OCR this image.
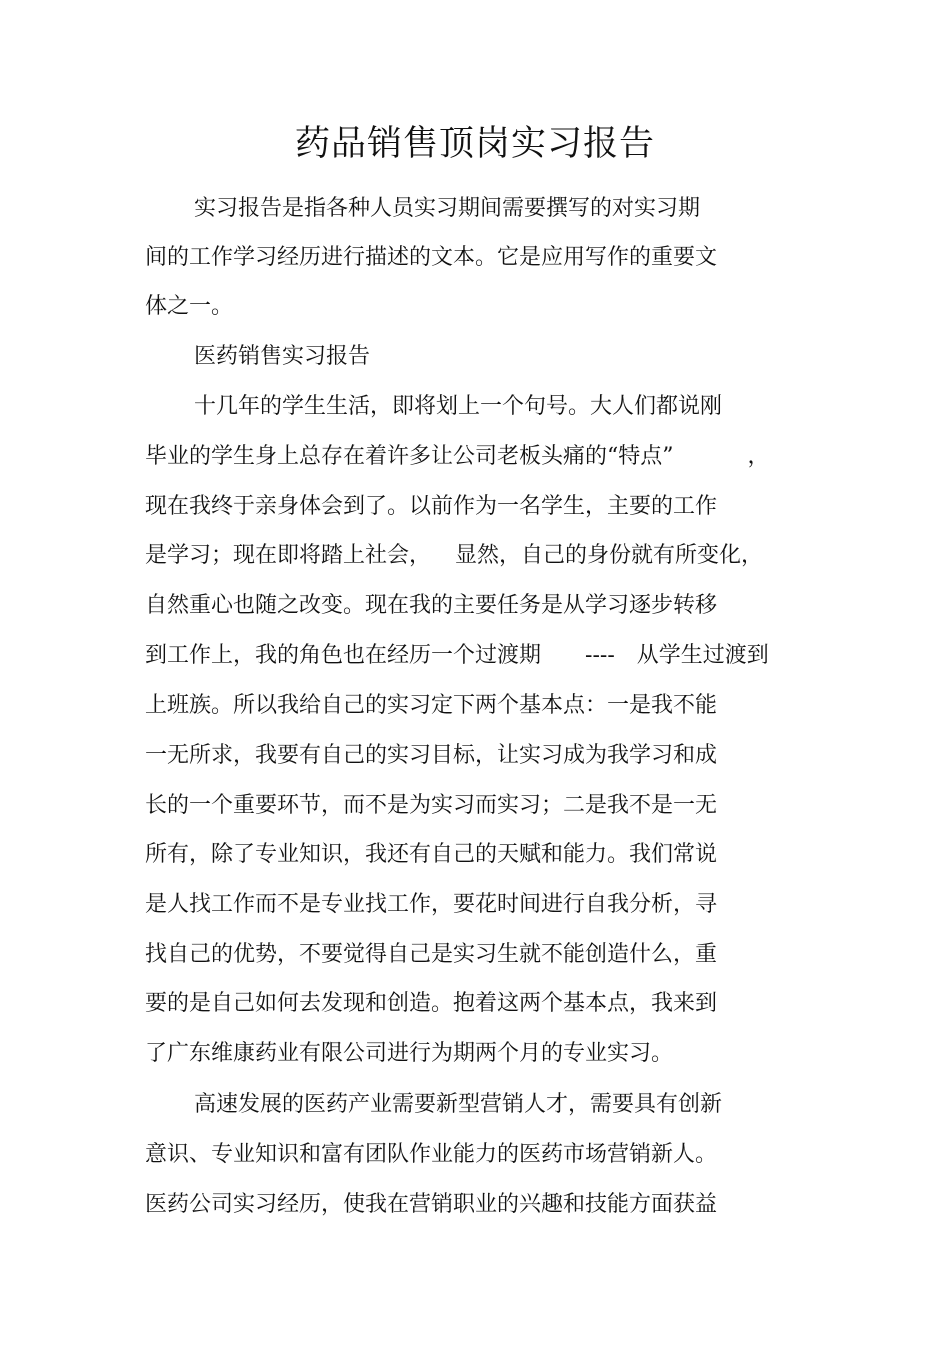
药品销售顶岗实习报告
实习报告是指各种人员实习期间需要撰写的对实习期
间的工作学习经历进行描述的文本。它是应用写作的重要文
体之一。
医药销售实习报告
十几年的学生生活，即将划上一个句号。大人们都说刚
毕业的学生身上总存在着许多让公司老板头痛的“特点”	，
现在我终于亲身体会到了。以前作为一名学生，主要的工作
是学习；现在即将踏上社会， 显然，自己的身份就有所变化，
自然重心也随之改变。现在我的主要任务是从学习逐步转移
到工作上，我的角色也在经历一个过渡期 ---- 从学生过渡到
上班族。所以我给自己的实习定下两个基本点：一是我不能
一无所求，我要有自己的实习目标，让实习成为我学习和成
长的一个重要环节，而不是为实习而实习；二是我不是一无
所有，除了专业知识，我还有自己的天赋和能力。我们常说
是人找工作而不是专业找工作，要花时间进行自我分析，寻
找自己的优势，不要觉得自己是实习生就不能创造什么，重
要的是自己如何去发现和创造。抱着这两个基本点，我来到
了广东维康药业有限公司进行为期两个月的专业实习。
高速发展的医药产业需要新型营销人才，需要具有创新
意识、专业知识和富有团队作业能力的医药市场营销新人。
医药公司实习经历，使我在营销职业的兴趣和技能方面获益
